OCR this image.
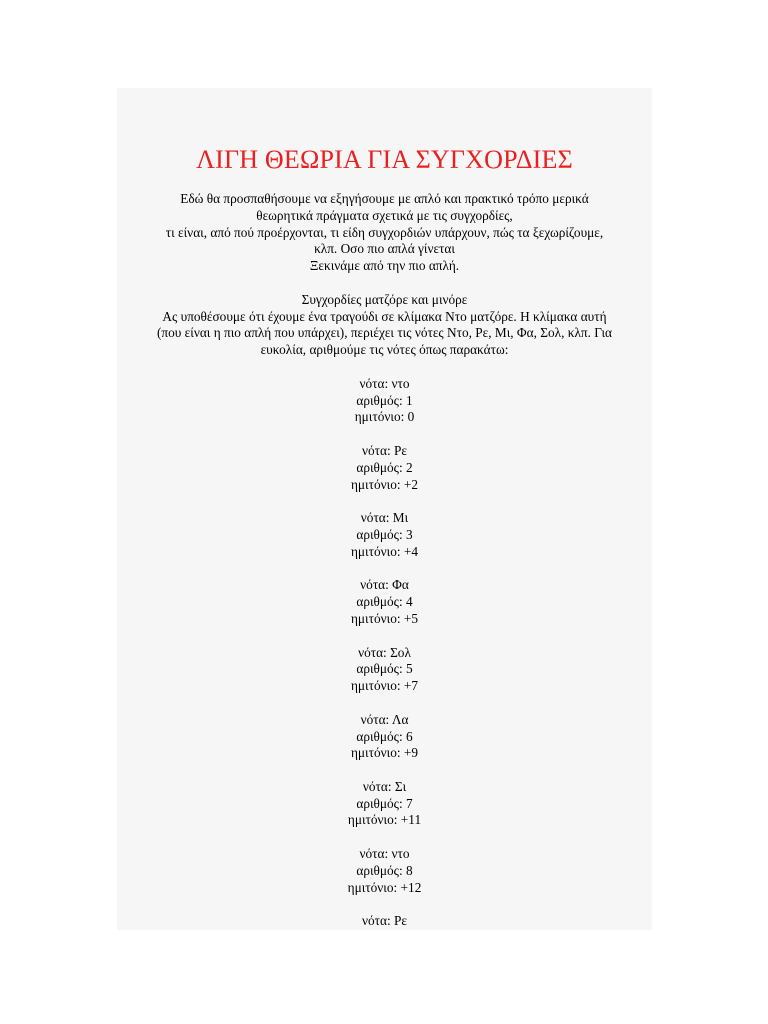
ΛΙΓΗ ΘΕΩΡΙΑ ΓΙΑ ΣΥΓΧΟΡΔΙΕΣ
Εδώ θα προσπαθήσουμε να εξηγήσουμε με απλό και πρακτικό τρόπο μερικά
θεωρητικά πράγματα σχετικά με τις συγχορδίες,
τι είναι, από πού προέρχονται, τι είδη συγχορδιών υπάρχουν, πώς τα ξεχωρίζουμε,
κλπ. Οσο πιο απλά γίνεται
Ξεκινάμε από την πιο απλή.
Συγχορδίες ματζόρε και μινόρε
Ας υποθέσουμε ότι έχουμε ένα τραγούδι σε κλίμακα Ντο ματζόρε. Η κλίμακα αυτή
(που είναι η πιο απλή που υπάρχει), περιέχει τις νότες Ντο, Ρε, Μι, Φα, Σολ, κλπ. Για
ευκολία, αριθμούμε τις νότες όπως παρακάτω:
νότα: ντο
αριθμός: 1
ημιτόνιο: 0
νότα: Ρε
αριθμός: 2
ημιτόνιο: +2
νότα: Μι
αριθμός: 3
ημιτόνιο: +4
νότα: Φα
αριθμός: 4
ημιτόνιο: +5
νότα: Σολ
αριθμός: 5
ημιτόνιο: +7
νότα: Λα
αριθμός: 6
ημιτόνιο: +9
νότα: Σι
αριθμός: 7
ημιτόνιο: +11
νότα: ντο
αριθμός: 8
ημιτόνιο: +12
νότα: Ρε
